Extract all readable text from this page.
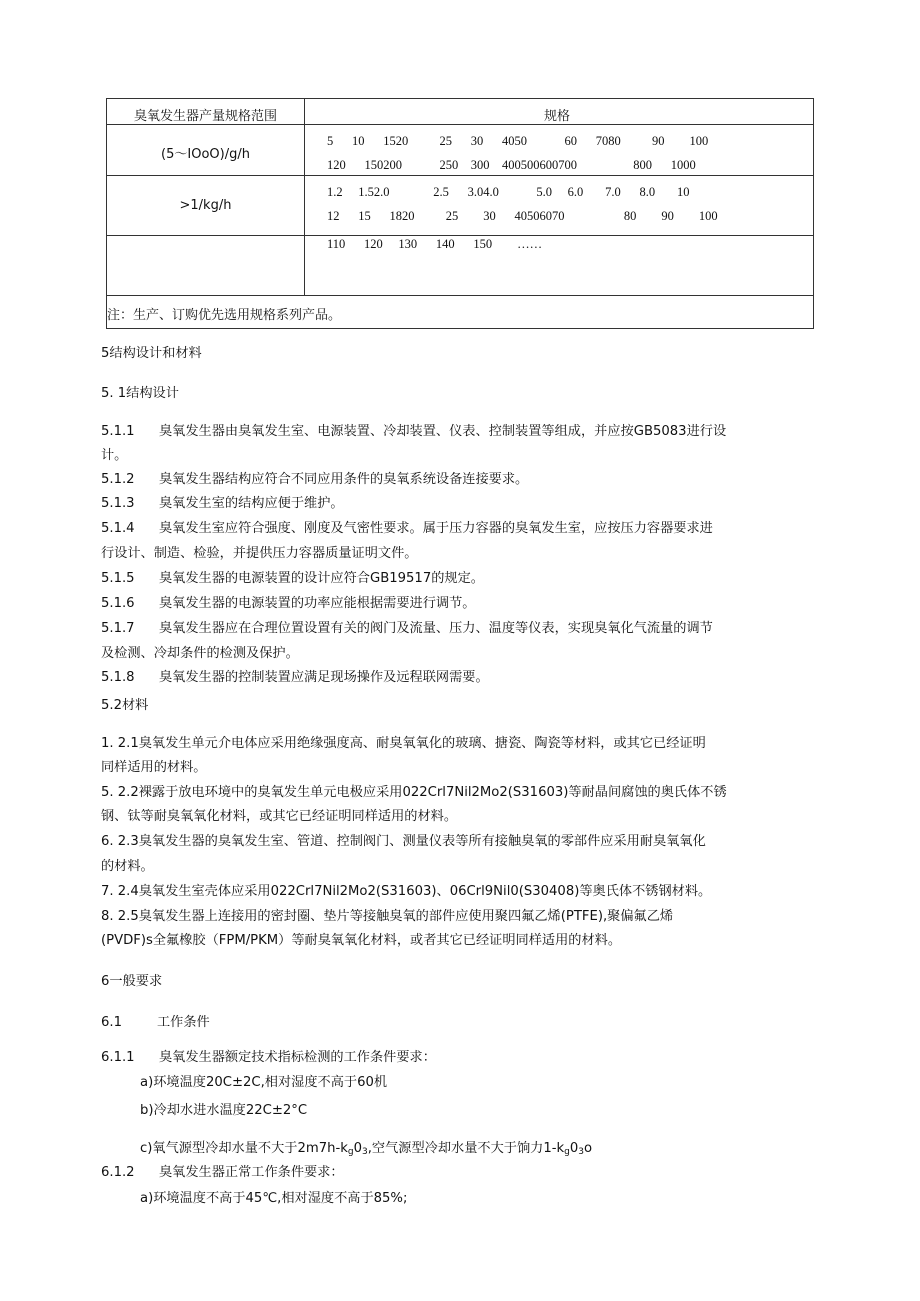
臭氧发生器产量规格范围	规格
(5～IOoO)/g/h
5      10      1520          25      30      4050            60      7080          90        100
120      150200            250    300    400500600700                  800      1000
>1/kg/h
1.2     1.52.0              2.5      3.04.0            5.0     6.0       7.0      8.0       10
12      15      1820          25        30      40506070                   80        90        100
110      120     130      140      150        ……
注：生产、订购优先选用规格系列产品。
5结构设计和材料
5. 1结构设计
5.1.1 臭氧发生器由臭氧发生室、电源装置、冷却装置、仪表、控制装置等组成，并应按GB5083进行设
计。
5.1.2 臭氧发生器结构应符合不同应用条件的臭氧系统设备连接要求。
5.1.3 臭氧发生室的结构应便于维护。
5.1.4 臭氧发生室应符合强度、刚度及气密性要求。属于压力容器的臭氧发生室，应按压力容器要求进
行设计、制造、检验，并提供压力容器质量证明文件。
5.1.5 臭氧发生器的电源装置的设计应符合GB19517的规定。
5.1.6 臭氧发生器的电源装置的功率应能根据需要进行调节。
5.1.7 臭氧发生器应在合理位置设置有关的阀门及流量、压力、温度等仪表，实现臭氧化气流量的调节
及检测、冷却条件的检测及保护。
5.1.8 臭氧发生器的控制装置应满足现场操作及远程联网需要。
5.2材料
1. 2.1臭氧发生单元介电体应采用绝缘强度高、耐臭氧氧化的玻璃、搪瓷、陶瓷等材料，或其它已经证明
同样适用的材料。
5. 2.2裸露于放电环境中的臭氧发生单元电极应采用022Crl7Nil2Mo2(S31603)等耐晶间腐蚀的奥氏体不锈
钢、钛等耐臭氧氧化材料，或其它已经证明同样适用的材料。
6. 2.3臭氧发生器的臭氧发生室、管道、控制阀门、测量仪表等所有接触臭氧的零部件应采用耐臭氧氧化
的材料。
7. 2.4臭氧发生室壳体应采用022Crl7Nil2Mo2(S31603)、06Crl9Nil0(S30408)等奥氏体不锈钢材料。
8. 2.5臭氧发生器上连接用的密封圈、垫片等接触臭氧的部件应使用聚四氟乙烯(PTFE),聚偏氟乙烯
(PVDF)s全氟橡胶（FPM/PKM）等耐臭氧氧化材料，或者其它已经证明同样适用的材料。
6一般要求
6.1	工作条件
6.1.1 臭氧发生器额定技术指标检测的工作条件要求：
a)环境温度20C±2C,相对湿度不高于60机
b)冷却水进水温度22C±2°C
c)氧气源型冷却水量不大于$2m7h-k_g0_3$,空气源型冷却水量不大于饷力$1-k_g0_3o$
6.1.2 臭氧发生器正常工作条件要求：
a)环境温度不高于45℃,相对湿度不高于85%;
